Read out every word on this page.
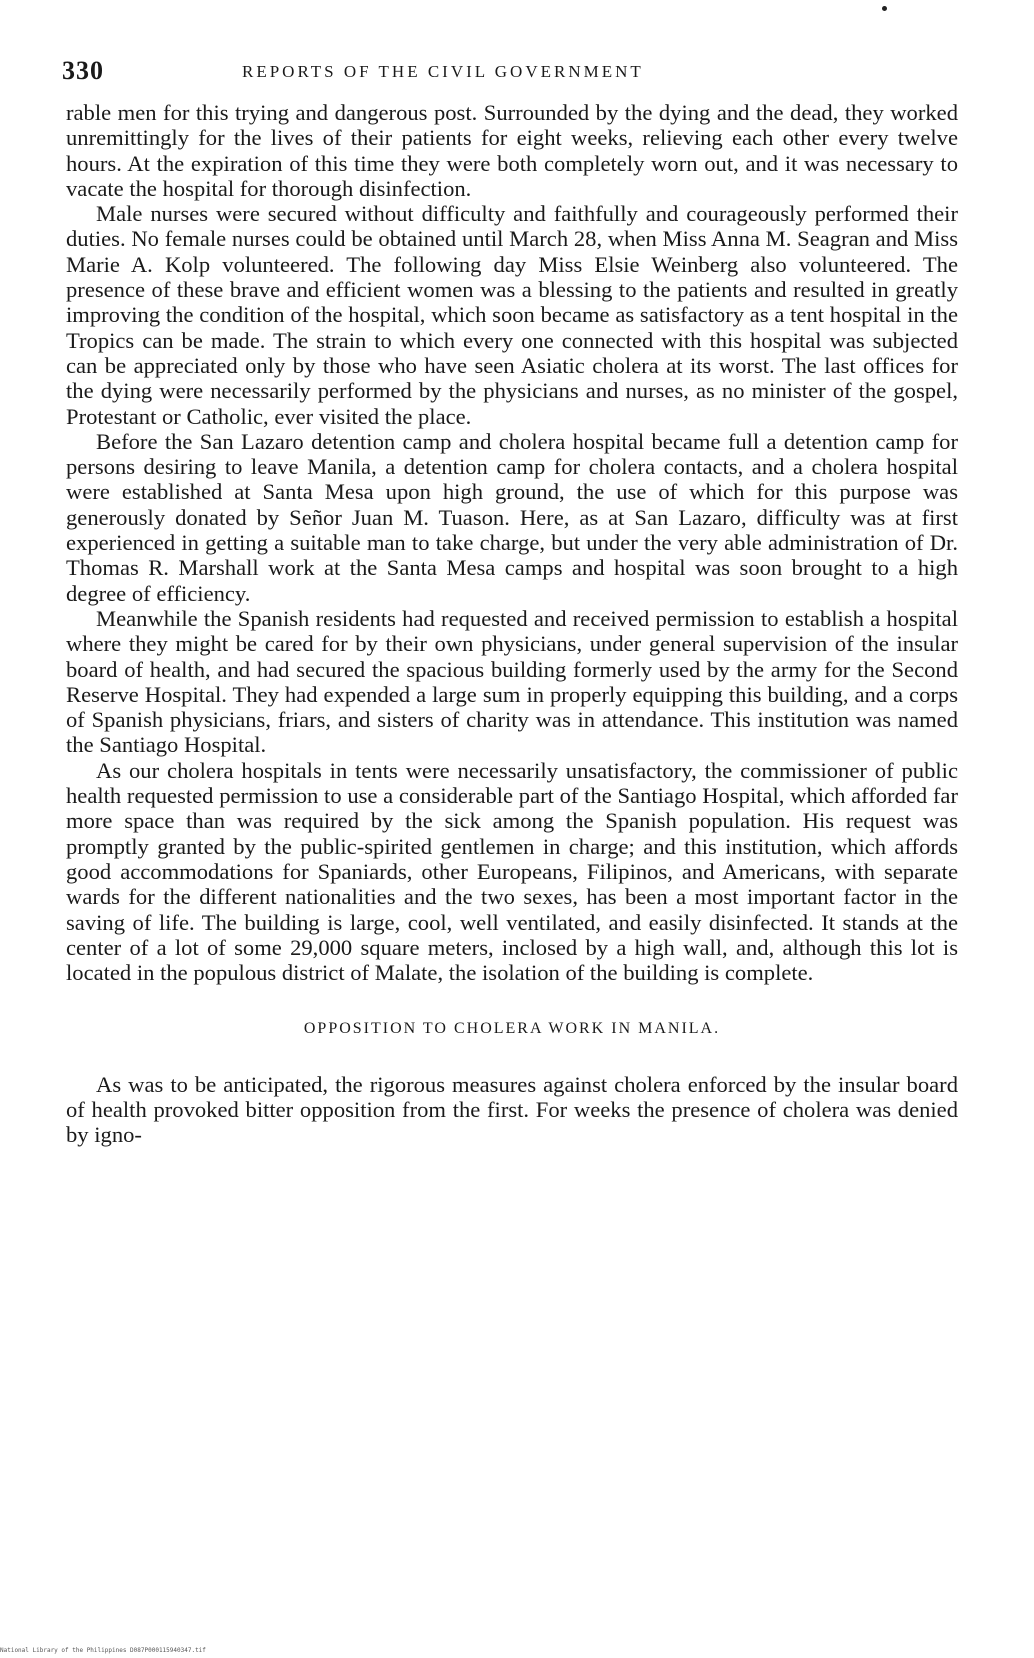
330	REPORTS OF THE CIVIL GOVERNMENT

rable men for this trying and dangerous post. Surrounded by the dying and the dead, they worked unremittingly for the lives of their patients for eight weeks, relieving each other every twelve hours. At the expiration of this time they were both completely worn out, and it was necessary to vacate the hospital for thorough disinfection.

Male nurses were secured without difficulty and faithfully and courageously performed their duties. No female nurses could be obtained until March 28, when Miss Anna M. Seagran and Miss Marie A. Kolp volunteered. The following day Miss Elsie Weinberg also volunteered. The presence of these brave and efficient women was a blessing to the patients and resulted in greatly improving the condition of the hospital, which soon became as satisfactory as a tent hospital in the Tropics can be made. The strain to which every one connected with this hospital was subjected can be appreciated only by those who have seen Asiatic cholera at its worst. The last offices for the dying were necessarily performed by the physicians and nurses, as no minister of the gospel, Protestant or Catholic, ever visited the place.

Before the San Lazaro detention camp and cholera hospital became full a detention camp for persons desiring to leave Manila, a detention camp for cholera contacts, and a cholera hospital were established at Santa Mesa upon high ground, the use of which for this purpose was generously donated by Señor Juan M. Tuason. Here, as at San Lazaro, difficulty was at first experienced in getting a suitable man to take charge, but under the very able administration of Dr. Thomas R. Marshall work at the Santa Mesa camps and hospital was soon brought to a high degree of efficiency.

Meanwhile the Spanish residents had requested and received permission to establish a hospital where they might be cared for by their own physicians, under general supervision of the insular board of health, and had secured the spacious building formerly used by the army for the Second Reserve Hospital. They had expended a large sum in properly equipping this building, and a corps of Spanish physicians, friars, and sisters of charity was in attendance. This institution was named the Santiago Hospital.

As our cholera hospitals in tents were necessarily unsatisfactory, the commissioner of public health requested permission to use a considerable part of the Santiago Hospital, which afforded far more space than was required by the sick among the Spanish population. His request was promptly granted by the public-spirited gentlemen in charge; and this institution, which affords good accommodations for Spaniards, other Europeans, Filipinos, and Americans, with separate wards for the different nationalities and the two sexes, has been a most important factor in the saving of life. The building is large, cool, well ventilated, and easily disinfected. It stands at the center of a lot of some 29,000 square meters, inclosed by a high wall, and, although this lot is located in the populous district of Malate, the isolation of the building is complete.

OPPOSITION TO CHOLERA WORK IN MANILA.

As was to be anticipated, the rigorous measures against cholera enforced by the insular board of health provoked bitter opposition from the first. For weeks the presence of cholera was denied by igno-

National Library of the Philippines D087P000115940347.tif
